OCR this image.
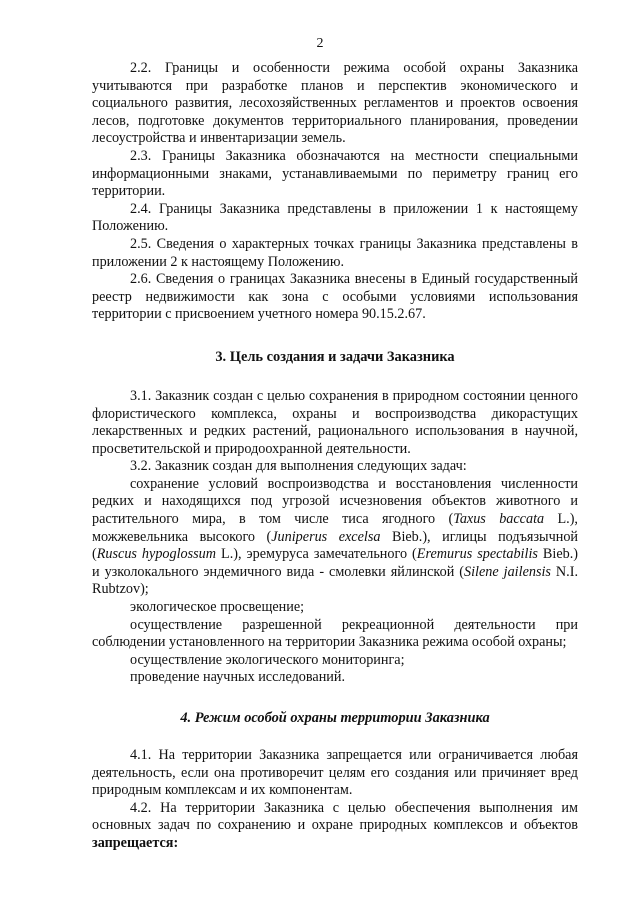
2

2.2. Границы и особенности режима особой охраны Заказника учитываются при разработке планов и перспектив экономического и социального развития, лесохозяйственных регламентов и проектов освоения лесов, подготовке документов территориального планирования, проведении лесоустройства и инвентаризации земель.

2.3. Границы Заказника обозначаются на местности специальными информационными знаками, устанавливаемыми по периметру границ его территории.

2.4. Границы Заказника представлены в приложении 1 к настоящему Положению.

2.5. Сведения о характерных точках границы Заказника представлены в приложении 2 к настоящему Положению.

2.6. Сведения о границах Заказника внесены в Единый государственный реестр недвижимости как зона с особыми условиями использования территории с присвоением учетного номера 90.15.2.67.

3. Цель создания и задачи Заказника

3.1. Заказник создан с целью сохранения в природном состоянии ценного флористического комплекса, охраны и воспроизводства дикорастущих лекарственных и редких растений, рационального использования в научной, просветительской и природоохранной деятельности.

3.2. Заказник создан для выполнения следующих задач:

сохранение условий воспроизводства и восстановления численности редких и находящихся под угрозой исчезновения объектов животного и растительного мира, в том числе тиса ягодного (Taxus baccata L.), можжевельника высокого (Juniperus excelsa Bieb.), иглицы подъязычной (Ruscus hypoglossum L.), эремуруса замечательного (Eremurus spectabilis Bieb.) и узколокального эндемичного вида - смолевки яйлинской (Silene jailensis N.I. Rubtzov);

экологическое просвещение;

осуществление разрешенной рекреационной деятельности при соблюдении установленного на территории Заказника режима особой охраны;

осуществление экологического мониторинга;

проведение научных исследований.

4. Режим особой охраны территории Заказника

4.1. На территории Заказника запрещается или ограничивается любая деятельность, если она противоречит целям его создания или причиняет вред природным комплексам и их компонентам.

4.2. На территории Заказника с целью обеспечения выполнения им основных задач по сохранению и охране природных комплексов и объектов запрещается:
